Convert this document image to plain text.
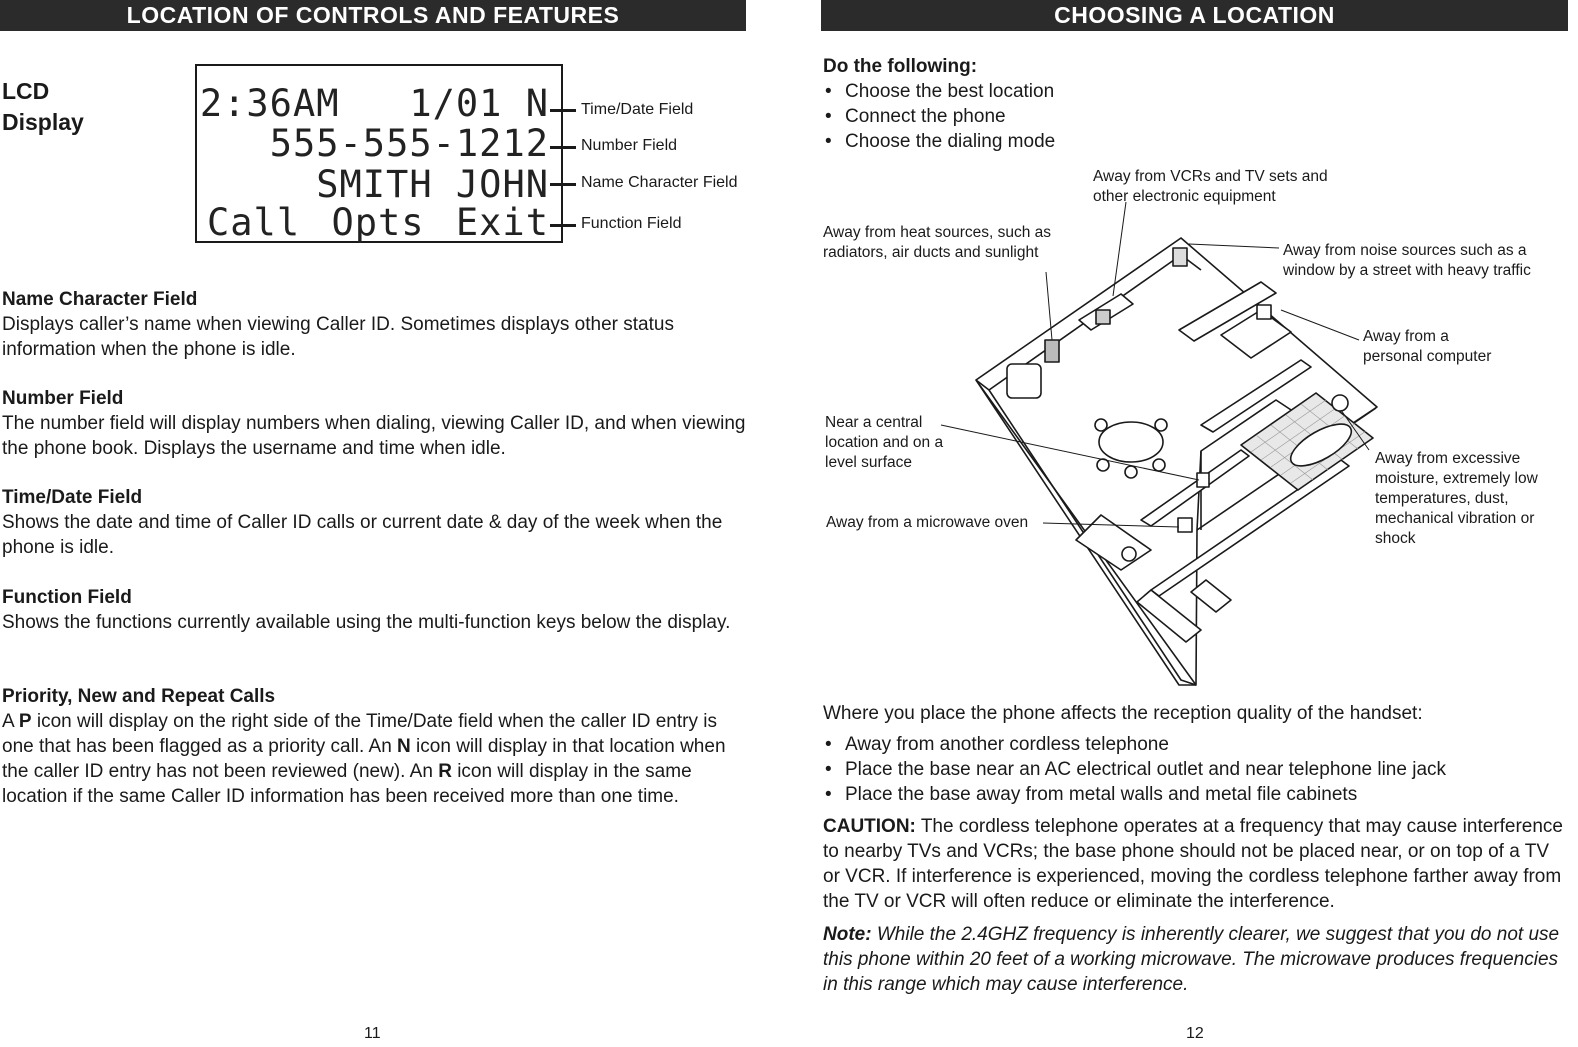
LOCATION OF CONTROLS AND FEATURES
LCD
Display	2:36AM 1/01 N
555-555-1212
SMITH JOHN
Call Opts Exit
Time/Date Field
Number Field
Name Character Field
Function Field
Name Character Field
Displays caller’s name when viewing Caller ID. Sometimes displays other status information when the phone is idle.
Number Field
The number field will display numbers when dialing, viewing Caller ID, and when viewing the phone book. Displays the username and time when idle.
Time/Date Field
Shows the date and time of Caller ID calls or current date & day of the week when the phone is idle.
Function Field
Shows the functions currently available using the multi-function keys below the display.
Priority, New and Repeat Calls
A P icon will display on the right side of the Time/Date field when the caller ID entry is one that has been flagged as a priority call. An N icon will display in that location when the caller ID entry has not been reviewed (new). An R icon will display in the same location if the same Caller ID information has been received more than one time.
11
CHOOSING A LOCATION
Do the following:
• Choose the best location
• Connect the phone
• Choose the dialing mode
Away from VCRs and TV sets and
other electronic equipment
Away from heat sources, such as
radiators, air ducts and sunlight	Away from noise sources such as a
window by a street with heavy traffic
Away from a
personal computer
Near a central
location and on a
level surface	Away from excessive
moisture, extremely low
temperatures, dust,
mechanical vibration or
shock
Away from a microwave oven
Where you place the phone affects the reception quality of the handset:
• Away from another cordless telephone
• Place the base near an AC electrical outlet and near telephone line jack
• Place the base away from metal walls and metal file cabinets
CAUTION: The cordless telephone operates at a frequency that may cause interference to nearby TVs and VCRs; the base phone should not be placed near, or on top of a TV or VCR. If interference is experienced, moving the cordless telephone farther away from the TV or VCR will often reduce or eliminate the interference.
Note: While the 2.4GHZ frequency is inherently clearer, we suggest that you do not use this phone within 20 feet of a working microwave. The microwave produces frequencies in this range which may cause interference.
12
